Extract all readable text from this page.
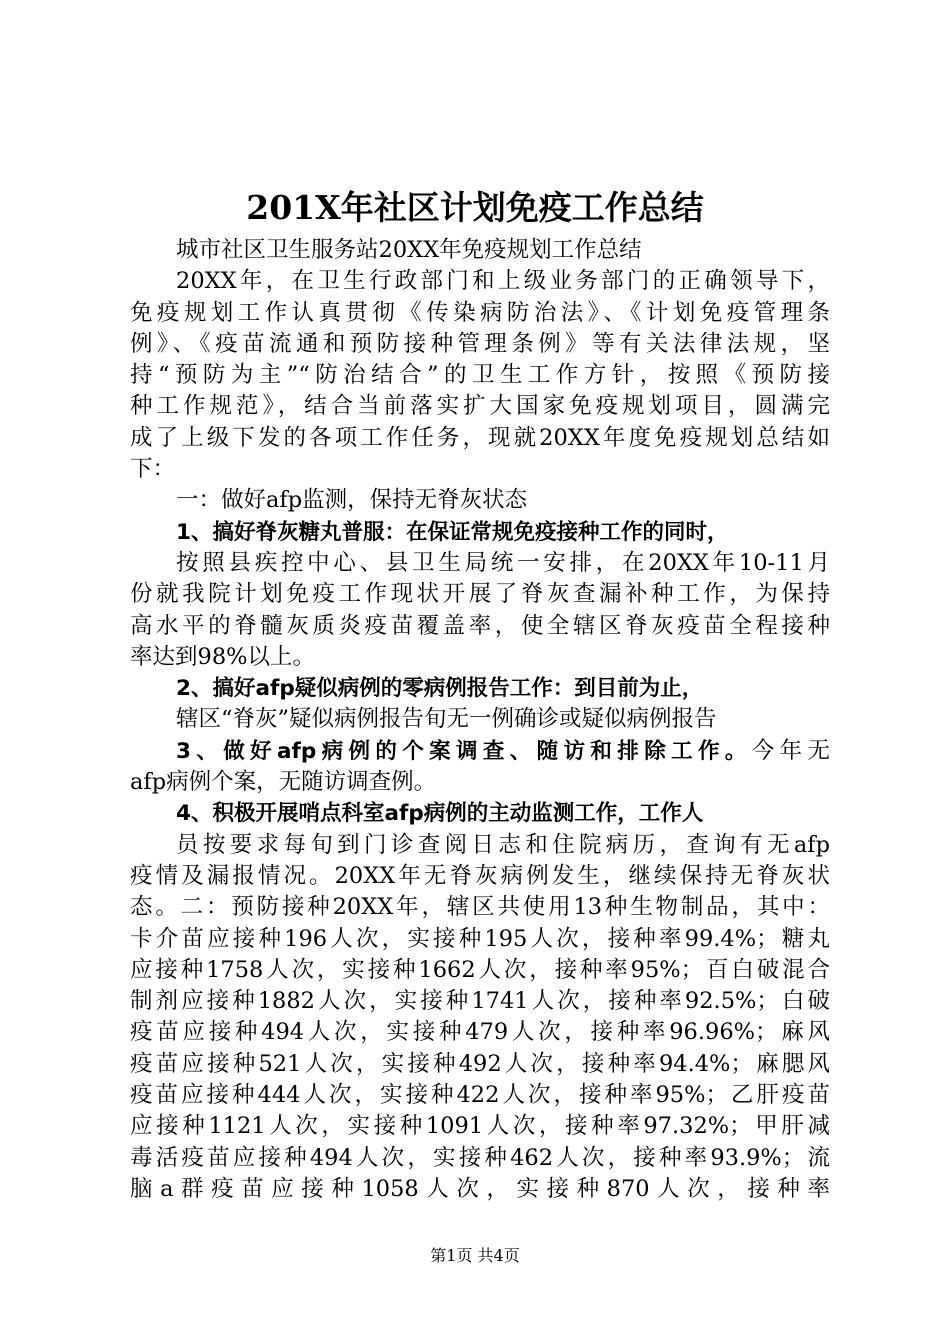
201X年社区计划免疫工作总结
城市社区卫生服务站20XX年免疫规划工作总结
20XX年，在卫生行政部门和上级业务部门的正确领导下，
免疫规划工作认真贯彻《传染病防治法》、《计划免疫管理条
例》、《疫苗流通和预防接种管理条例》等有关法律法规，坚
持“预防为主”“防治结合”的卫生工作方针，按照《预防接
种工作规范》，结合当前落实扩大国家免疫规划项目，圆满完
成了上级下发的各项工作任务，现就20XX年度免疫规划总结如
下：
一：做好afp监测，保持无脊灰状态
1、搞好脊灰糖丸普服：在保证常规免疫接种工作的同时，
按照县疾控中心、县卫生局统一安排，在20XX年10-11月
份就我院计划免疫工作现状开展了脊灰查漏补种工作，为保持
高水平的脊髓灰质炎疫苗覆盖率，使全辖区脊灰疫苗全程接种
率达到98%以上。
2、搞好afp疑似病例的零病例报告工作：到目前为止，
辖区“脊灰”疑似病例报告旬无一例确诊或疑似病例报告
3、做好afp病例的个案调查、随访和排除工作。今年无
afp病例个案，无随访调查例。
4、积极开展哨点科室afp病例的主动监测工作，工作人
员按要求每旬到门诊查阅日志和住院病历，查询有无afp
疫情及漏报情况。20XX年无脊灰病例发生，继续保持无脊灰状
态。二：预防接种20XX年，辖区共使用13种生物制品，其中：
卡介苗应接种196人次，实接种195人次，接种率99.4%；糖丸
应接种1758人次，实接种1662人次，接种率95%；百白破混合
制剂应接种1882人次，实接种1741人次，接种率92.5%；白破
疫苗应接种494人次，实接种479人次，接种率96.96%；麻风
疫苗应接种521人次，实接种492人次，接种率94.4%；麻腮风
疫苗应接种444人次，实接种422人次，接种率95%；乙肝疫苗
应接种1121人次，实接种1091人次，接种率97.32%；甲肝减
毒活疫苗应接种494人次，实接种462人次，接种率93.9%；流
脑a群疫苗应接种1058人次，实接种870人次，接种率
第1页 共4页
